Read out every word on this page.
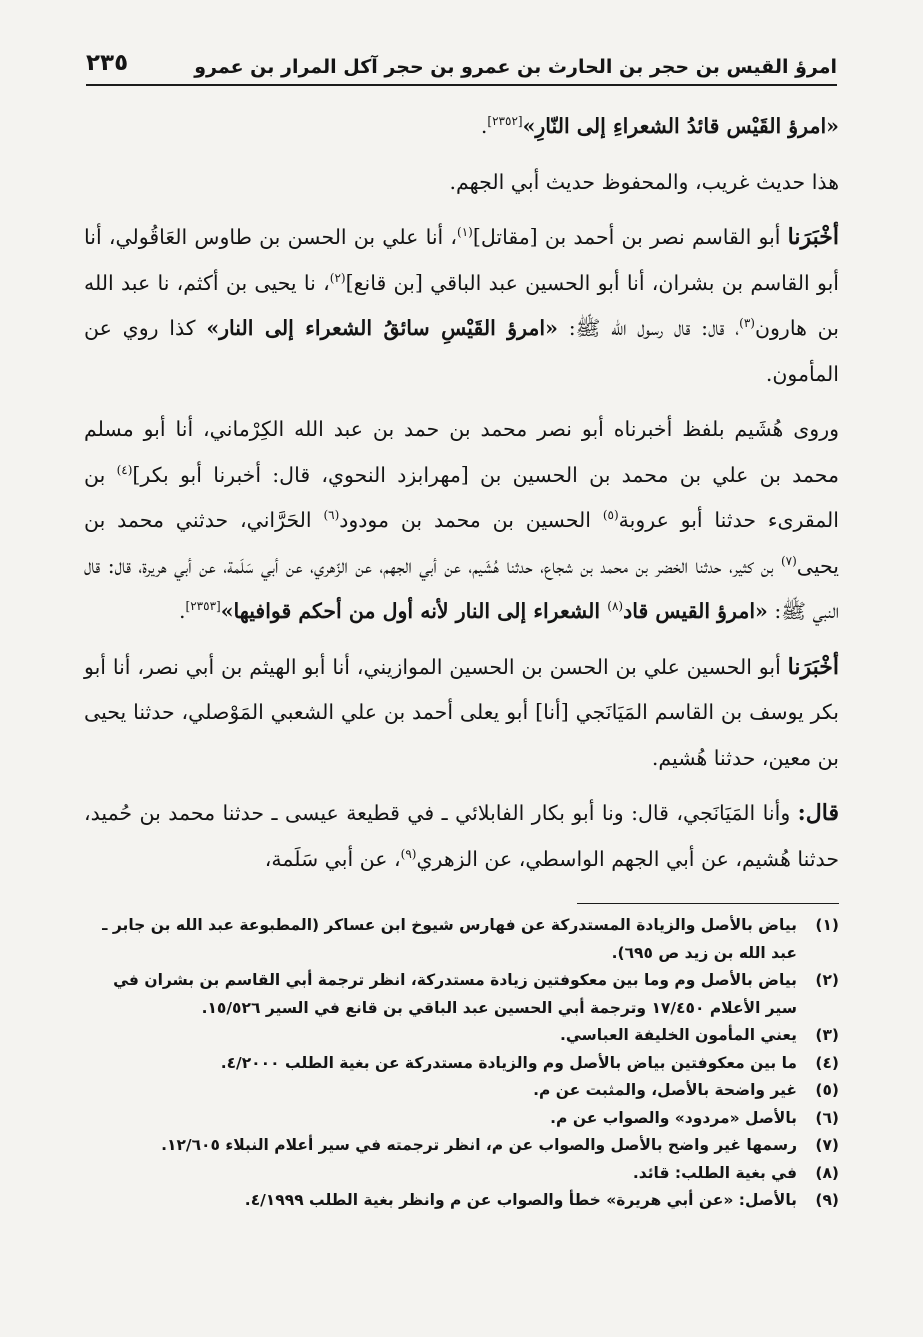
امرؤ القيس بن حجر بن الحارث بن عمرو بن حجر آكل المرار بن عمرو
٢٣٥

«امرؤ القَيْس قائدُ الشعراءِ إلى النّارِ»[٢٣٥٢].

هذا حديث غريب، والمحفوظ حديث أبي الجهم.

أخْبَرَنا أبو القاسم نصر بن أحمد بن [مقاتل]$^{(١)}$، أنا علي بن الحسن بن طاوس العَاقُولي، أنا أبو القاسم بن بشران، أنا أبو الحسين عبد الباقي [بن قانع]$^{(٢)}$، نا يحيى بن أكثم، نا عبد الله بن هارون$^{(٣)}$، قال: قال رسول الله ﷺ: «امرؤ القَيْسِ سائقُ الشعراء إلى النار» كذا روي عن المأمون.

وروى هُشَيم بلفظ أخبرناه أبو نصر محمد بن حمد بن عبد الله الكِرْماني، أنا أبو مسلم محمد بن علي بن محمد بن الحسين بن [مهرابزد النحوي، قال: أخبرنا أبو بكر]$^{(٤)}$ بن المقرىء حدثنا أبو عروبة$^{(٥)}$ الحسين بن محمد بن مودود$^{(٦)}$ الحَرَّاني، حدثني محمد بن يحيى$^{(٧)}$ بن كثير، حدثنا الخضر بن محمد بن شجاع، حدثنا هُشَيم، عن أبي الجهم، عن الزّهري، عن أبي سَلَمة، عن أبي هريرة، قال: قال النبي ﷺ: «امرؤ القيس قاد$^{(٨)}$ الشعراء إلى النار لأنه أول من أحكم قوافيها»[٢٣٥٣].

أخْبَرَنا أبو الحسين علي بن الحسن بن الحسين الموازيني، أنا أبو الهيثم بن أبي نصر، أنا أبو بكر يوسف بن القاسم المَيَانَجي [أنا] أبو يعلى أحمد بن علي الشعبي المَوْصلي، حدثنا يحيى بن معين، حدثنا هُشيم.

قال: وأنا المَيَانَجي، قال: ونا أبو بكار الفابلائي ـ في قطيعة عيسى ـ حدثنا محمد بن حُميد، حدثنا هُشيم، عن أبي الجهم الواسطي، عن الزهري$^{(٩)}$، عن أبي سَلَمة،

(١)
بياض بالأصل والزيادة المستدركة عن فهارس شيوخ ابن عساكر (المطبوعة عبد الله بن جابر ـ عبد الله بن زيد ص ٦٩٥).
(٢)
بياض بالأصل وم وما بين معكوفتين زيادة مستدركة، انظر ترجمة أبي القاسم بن بشران في سير الأعلام ١٧/٤٥٠ وترجمة أبي الحسين عبد الباقي بن قانع في السير ١٥/٥٢٦.
(٣)
يعني المأمون الخليفة العباسي.
(٤)
ما بين معكوفتين بياض بالأصل وم والزيادة مستدركة عن بغية الطلب ٤/٢٠٠٠.
(٥)
غير واضحة بالأصل، والمثبت عن م.
(٦)
بالأصل «مردود» والصواب عن م.
(٧)
رسمها غير واضح بالأصل والصواب عن م، انظر ترجمته في سير أعلام النبلاء ١٢/٦٠٥.
(٨)
في بغية الطلب: قائد.
(٩)
بالأصل: «عن أبي هريرة» خطأ والصواب عن م وانظر بغية الطلب ٤/١٩٩٩.
